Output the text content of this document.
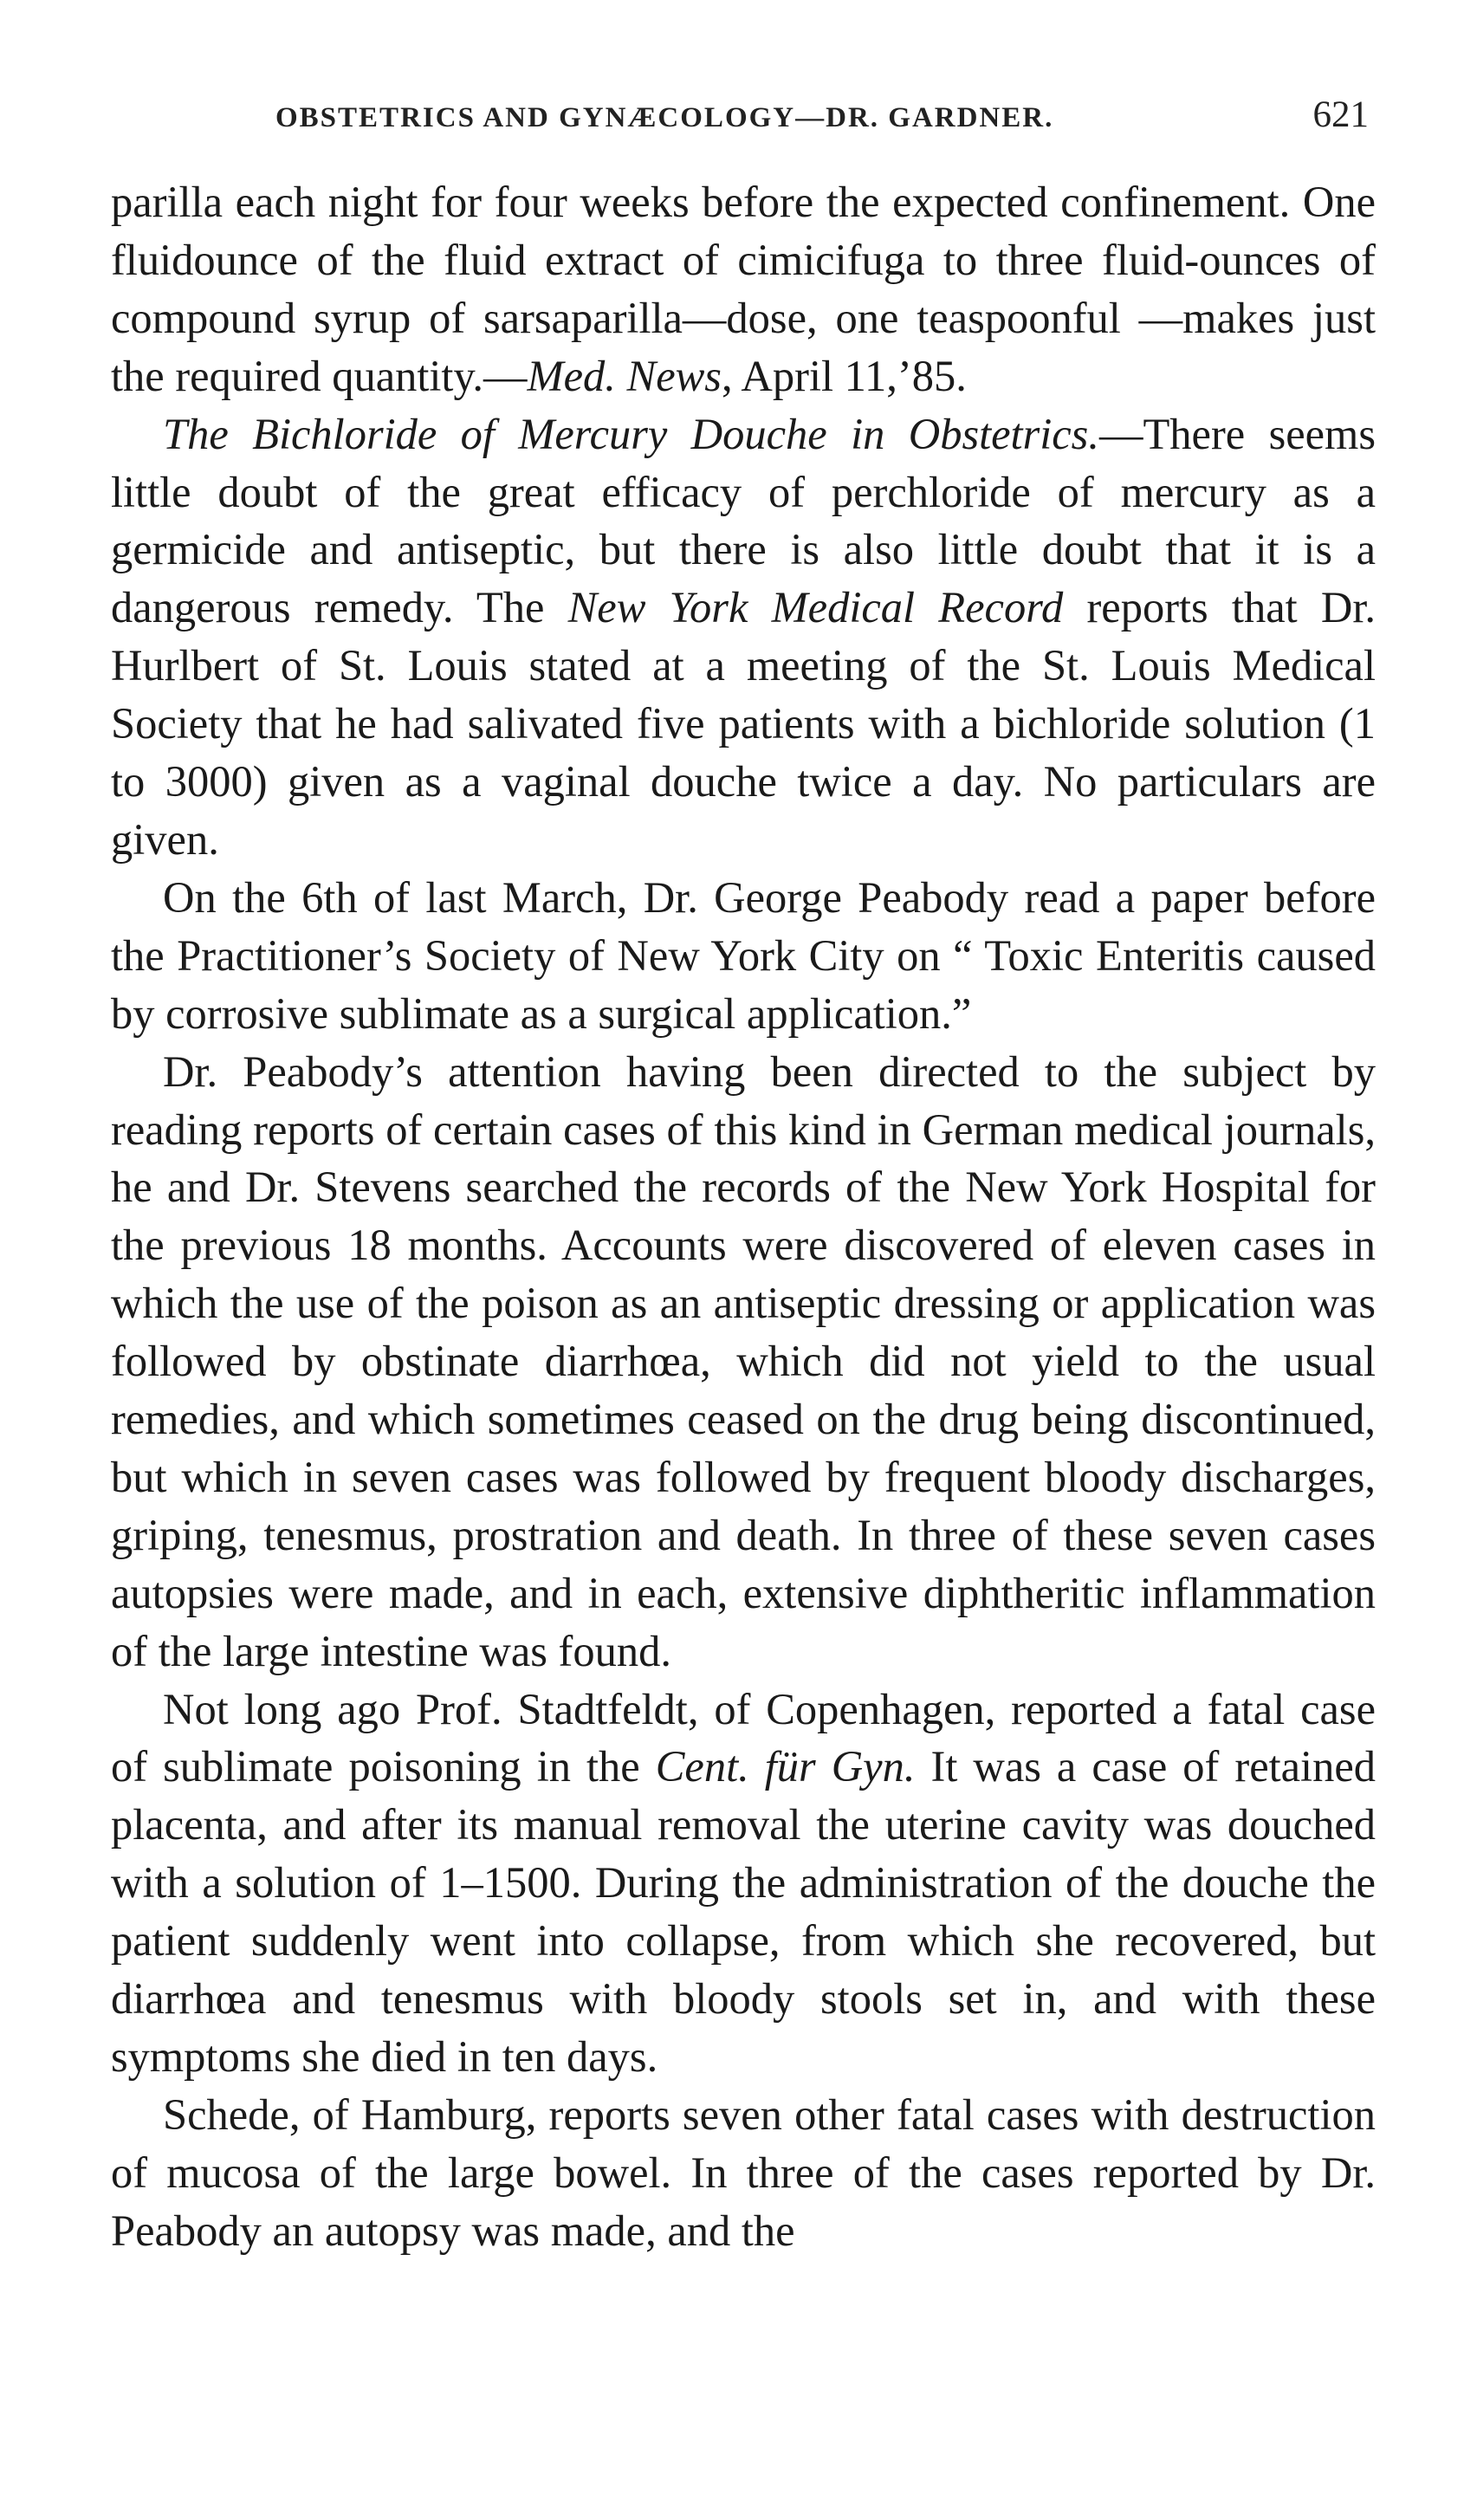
OBSTETRICS AND GYNÆCOLOGY—DR. GARDNER.	621

parilla each night for four weeks before the expected confinement. One fluidounce of the fluid extract of cimicifuga to three fluid-ounces of compound syrup of sarsaparilla—dose, one teaspoonful —makes just the required quantity.—Med. News, April 11,’85.

The Bichloride of Mercury Douche in Obstetrics.—There seems little doubt of the great efficacy of perchloride of mercury as a germicide and antiseptic, but there is also little doubt that it is a dangerous remedy. The New York Medical Record reports that Dr. Hurlbert of St. Louis stated at a meeting of the St. Louis Medical Society that he had salivated five patients with a bichloride solution (1 to 3000) given as a vaginal douche twice a day. No particulars are given.

On the 6th of last March, Dr. George Peabody read a paper before the Practitioner’s Society of New York City on “ Toxic Enteritis caused by corrosive sublimate as a surgical application.”

Dr. Peabody’s attention having been directed to the subject by reading reports of certain cases of this kind in German medical journals, he and Dr. Stevens searched the records of the New York Hospital for the previous 18 months. Accounts were discovered of eleven cases in which the use of the poison as an antiseptic dressing or application was followed by obstinate diarrhœa, which did not yield to the usual remedies, and which sometimes ceased on the drug being discontinued, but which in seven cases was followed by frequent bloody discharges, griping, tenesmus, prostration and death. In three of these seven cases autopsies were made, and in each, extensive diphtheritic inflammation of the large intestine was found.

Not long ago Prof. Stadtfeldt, of Copenhagen, reported a fatal case of sublimate poisoning in the Cent. für Gyn. It was a case of retained placenta, and after its manual removal the uterine cavity was douched with a solution of 1–1500. During the administration of the douche the patient suddenly went into collapse, from which she recovered, but diarrhœa and tenesmus with bloody stools set in, and with these symptoms she died in ten days.

Schede, of Hamburg, reports seven other fatal cases with destruction of mucosa of the large bowel. In three of the cases reported by Dr. Peabody an autopsy was made, and the
